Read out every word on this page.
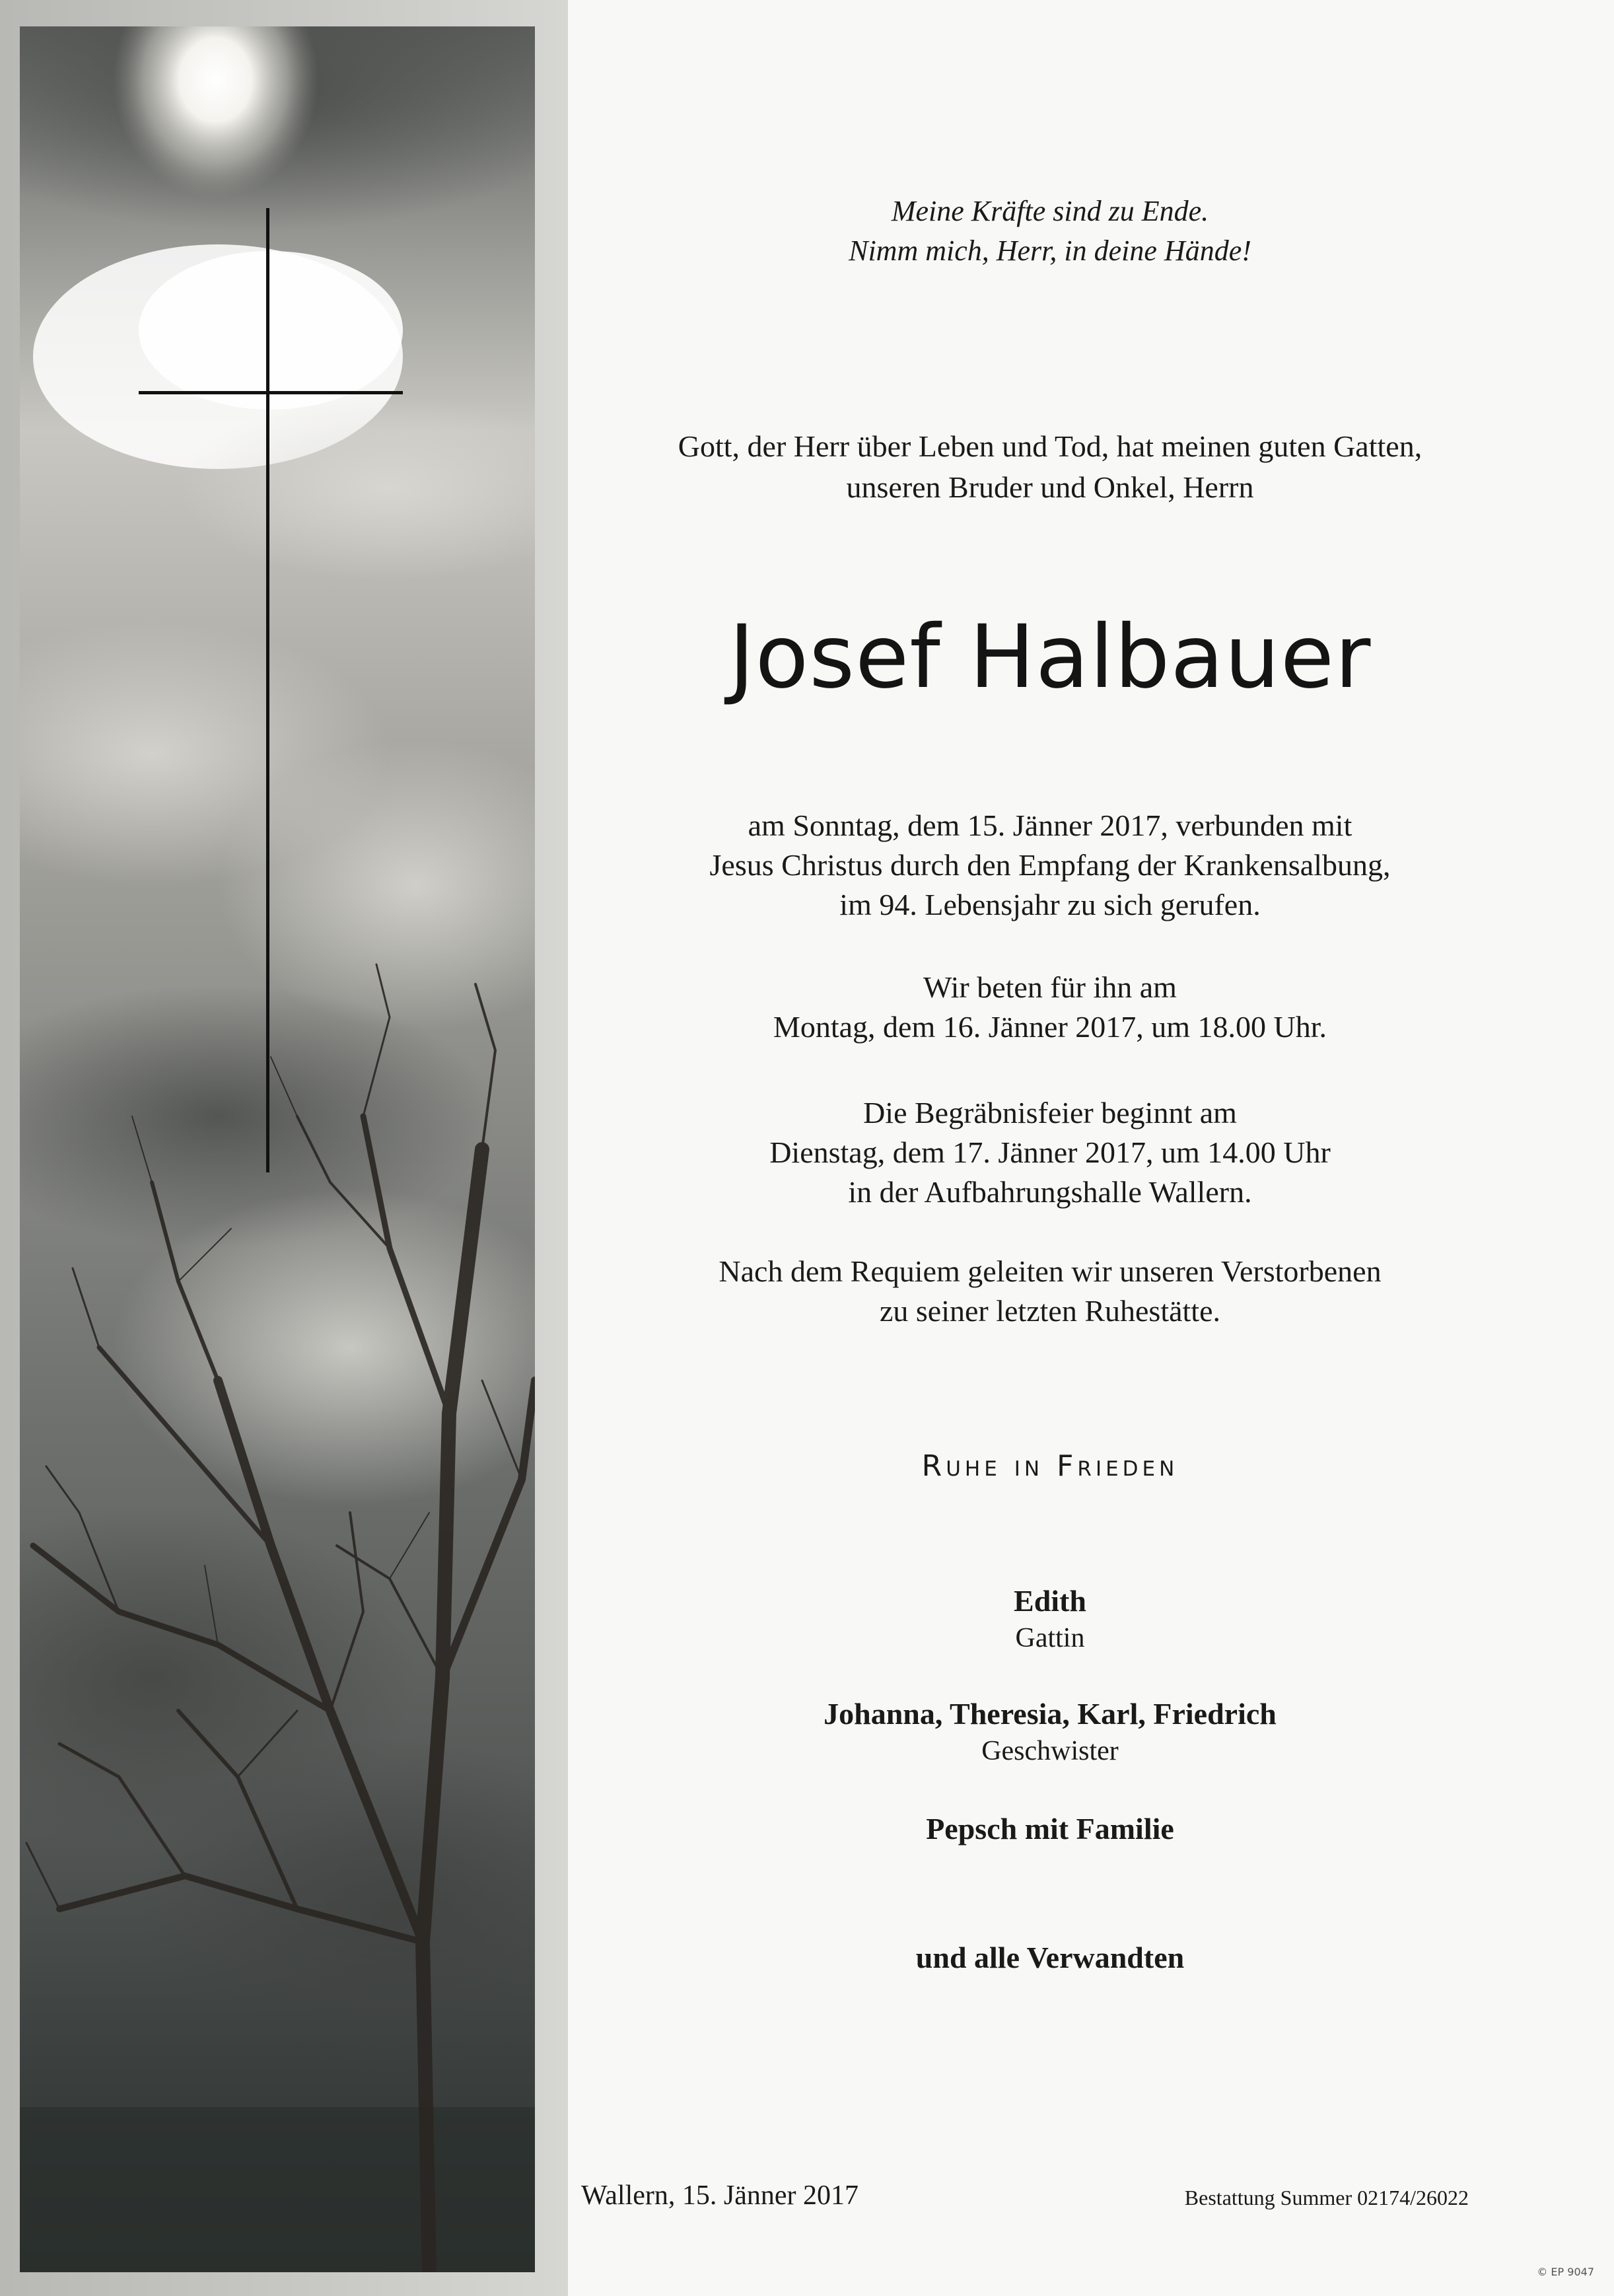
Meine Kräfte sind zu Ende.
Nimm mich, Herr, in deine Hände!
Gott, der Herr über Leben und Tod, hat meinen guten Gatten,
unseren Bruder und Onkel, Herrn
Josef Halbauer
am Sonntag, dem 15. Jänner 2017, verbunden mit
Jesus Christus durch den Empfang der Krankensalbung,
im 94. Lebensjahr zu sich gerufen.
Wir beten für ihn am
Montag, dem 16. Jänner 2017, um 18.00 Uhr.
Die Begräbnisfeier beginnt am
Dienstag, dem 17. Jänner 2017, um 14.00 Uhr
in der Aufbahrungshalle Wallern.
Nach dem Requiem geleiten wir unseren Verstorbenen
zu seiner letzten Ruhestätte.
Ruhe in Frieden
Edith
Gattin
Johanna, Theresia, Karl, Friedrich
Geschwister
Pepsch mit Familie
und alle Verwandten
Wallern, 15. Jänner 2017	Bestattung Summer 02174/26022
© EP 9047
